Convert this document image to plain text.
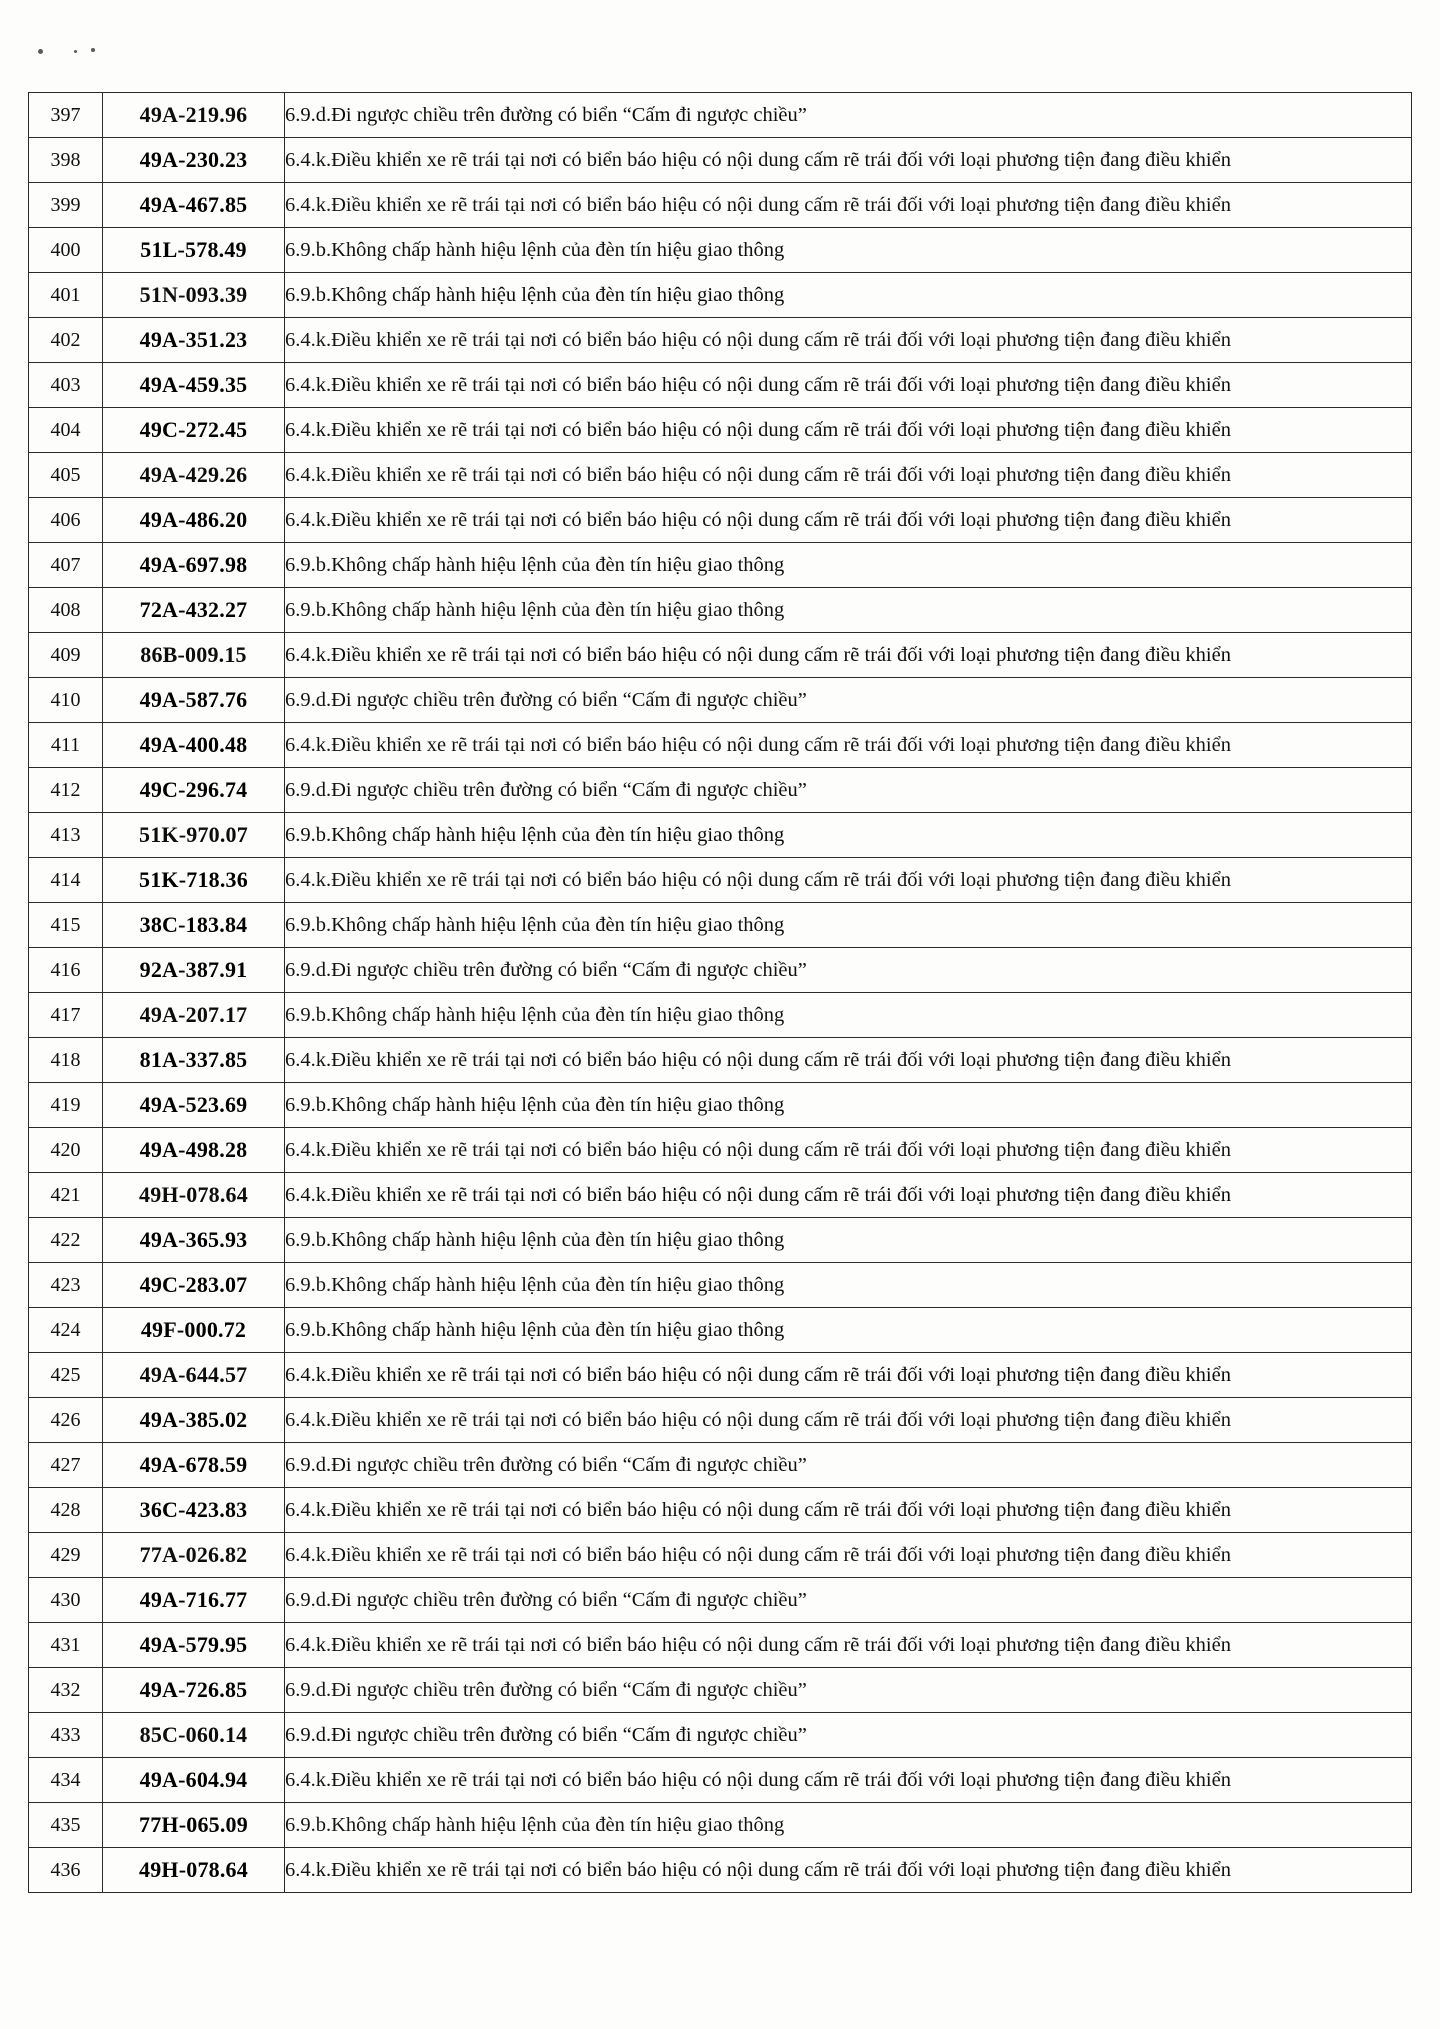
397	49A-219.96	6.9.d.Đi ngược chiều trên đường có biển “Cấm đi ngược chiều”
398	49A-230.23	6.4.k.Điều khiển xe rẽ trái tại nơi có biển báo hiệu có nội dung cấm rẽ trái đối với loại phương tiện đang điều khiển
399	49A-467.85	6.4.k.Điều khiển xe rẽ trái tại nơi có biển báo hiệu có nội dung cấm rẽ trái đối với loại phương tiện đang điều khiển
400	51L-578.49	6.9.b.Không chấp hành hiệu lệnh của đèn tín hiệu giao thông
401	51N-093.39	6.9.b.Không chấp hành hiệu lệnh của đèn tín hiệu giao thông
402	49A-351.23	6.4.k.Điều khiển xe rẽ trái tại nơi có biển báo hiệu có nội dung cấm rẽ trái đối với loại phương tiện đang điều khiển
403	49A-459.35	6.4.k.Điều khiển xe rẽ trái tại nơi có biển báo hiệu có nội dung cấm rẽ trái đối với loại phương tiện đang điều khiển
404	49C-272.45	6.4.k.Điều khiển xe rẽ trái tại nơi có biển báo hiệu có nội dung cấm rẽ trái đối với loại phương tiện đang điều khiển
405	49A-429.26	6.4.k.Điều khiển xe rẽ trái tại nơi có biển báo hiệu có nội dung cấm rẽ trái đối với loại phương tiện đang điều khiển
406	49A-486.20	6.4.k.Điều khiển xe rẽ trái tại nơi có biển báo hiệu có nội dung cấm rẽ trái đối với loại phương tiện đang điều khiển
407	49A-697.98	6.9.b.Không chấp hành hiệu lệnh của đèn tín hiệu giao thông
408	72A-432.27	6.9.b.Không chấp hành hiệu lệnh của đèn tín hiệu giao thông
409	86B-009.15	6.4.k.Điều khiển xe rẽ trái tại nơi có biển báo hiệu có nội dung cấm rẽ trái đối với loại phương tiện đang điều khiển
410	49A-587.76	6.9.d.Đi ngược chiều trên đường có biển “Cấm đi ngược chiều”
411	49A-400.48	6.4.k.Điều khiển xe rẽ trái tại nơi có biển báo hiệu có nội dung cấm rẽ trái đối với loại phương tiện đang điều khiển
412	49C-296.74	6.9.d.Đi ngược chiều trên đường có biển “Cấm đi ngược chiều”
413	51K-970.07	6.9.b.Không chấp hành hiệu lệnh của đèn tín hiệu giao thông
414	51K-718.36	6.4.k.Điều khiển xe rẽ trái tại nơi có biển báo hiệu có nội dung cấm rẽ trái đối với loại phương tiện đang điều khiển
415	38C-183.84	6.9.b.Không chấp hành hiệu lệnh của đèn tín hiệu giao thông
416	92A-387.91	6.9.d.Đi ngược chiều trên đường có biển “Cấm đi ngược chiều”
417	49A-207.17	6.9.b.Không chấp hành hiệu lệnh của đèn tín hiệu giao thông
418	81A-337.85	6.4.k.Điều khiển xe rẽ trái tại nơi có biển báo hiệu có nội dung cấm rẽ trái đối với loại phương tiện đang điều khiển
419	49A-523.69	6.9.b.Không chấp hành hiệu lệnh của đèn tín hiệu giao thông
420	49A-498.28	6.4.k.Điều khiển xe rẽ trái tại nơi có biển báo hiệu có nội dung cấm rẽ trái đối với loại phương tiện đang điều khiển
421	49H-078.64	6.4.k.Điều khiển xe rẽ trái tại nơi có biển báo hiệu có nội dung cấm rẽ trái đối với loại phương tiện đang điều khiển
422	49A-365.93	6.9.b.Không chấp hành hiệu lệnh của đèn tín hiệu giao thông
423	49C-283.07	6.9.b.Không chấp hành hiệu lệnh của đèn tín hiệu giao thông
424	49F-000.72	6.9.b.Không chấp hành hiệu lệnh của đèn tín hiệu giao thông
425	49A-644.57	6.4.k.Điều khiển xe rẽ trái tại nơi có biển báo hiệu có nội dung cấm rẽ trái đối với loại phương tiện đang điều khiển
426	49A-385.02	6.4.k.Điều khiển xe rẽ trái tại nơi có biển báo hiệu có nội dung cấm rẽ trái đối với loại phương tiện đang điều khiển
427	49A-678.59	6.9.d.Đi ngược chiều trên đường có biển “Cấm đi ngược chiều”
428	36C-423.83	6.4.k.Điều khiển xe rẽ trái tại nơi có biển báo hiệu có nội dung cấm rẽ trái đối với loại phương tiện đang điều khiển
429	77A-026.82	6.4.k.Điều khiển xe rẽ trái tại nơi có biển báo hiệu có nội dung cấm rẽ trái đối với loại phương tiện đang điều khiển
430	49A-716.77	6.9.d.Đi ngược chiều trên đường có biển “Cấm đi ngược chiều”
431	49A-579.95	6.4.k.Điều khiển xe rẽ trái tại nơi có biển báo hiệu có nội dung cấm rẽ trái đối với loại phương tiện đang điều khiển
432	49A-726.85	6.9.d.Đi ngược chiều trên đường có biển “Cấm đi ngược chiều”
433	85C-060.14	6.9.d.Đi ngược chiều trên đường có biển “Cấm đi ngược chiều”
434	49A-604.94	6.4.k.Điều khiển xe rẽ trái tại nơi có biển báo hiệu có nội dung cấm rẽ trái đối với loại phương tiện đang điều khiển
435	77H-065.09	6.9.b.Không chấp hành hiệu lệnh của đèn tín hiệu giao thông
436	49H-078.64	6.4.k.Điều khiển xe rẽ trái tại nơi có biển báo hiệu có nội dung cấm rẽ trái đối với loại phương tiện đang điều khiển
